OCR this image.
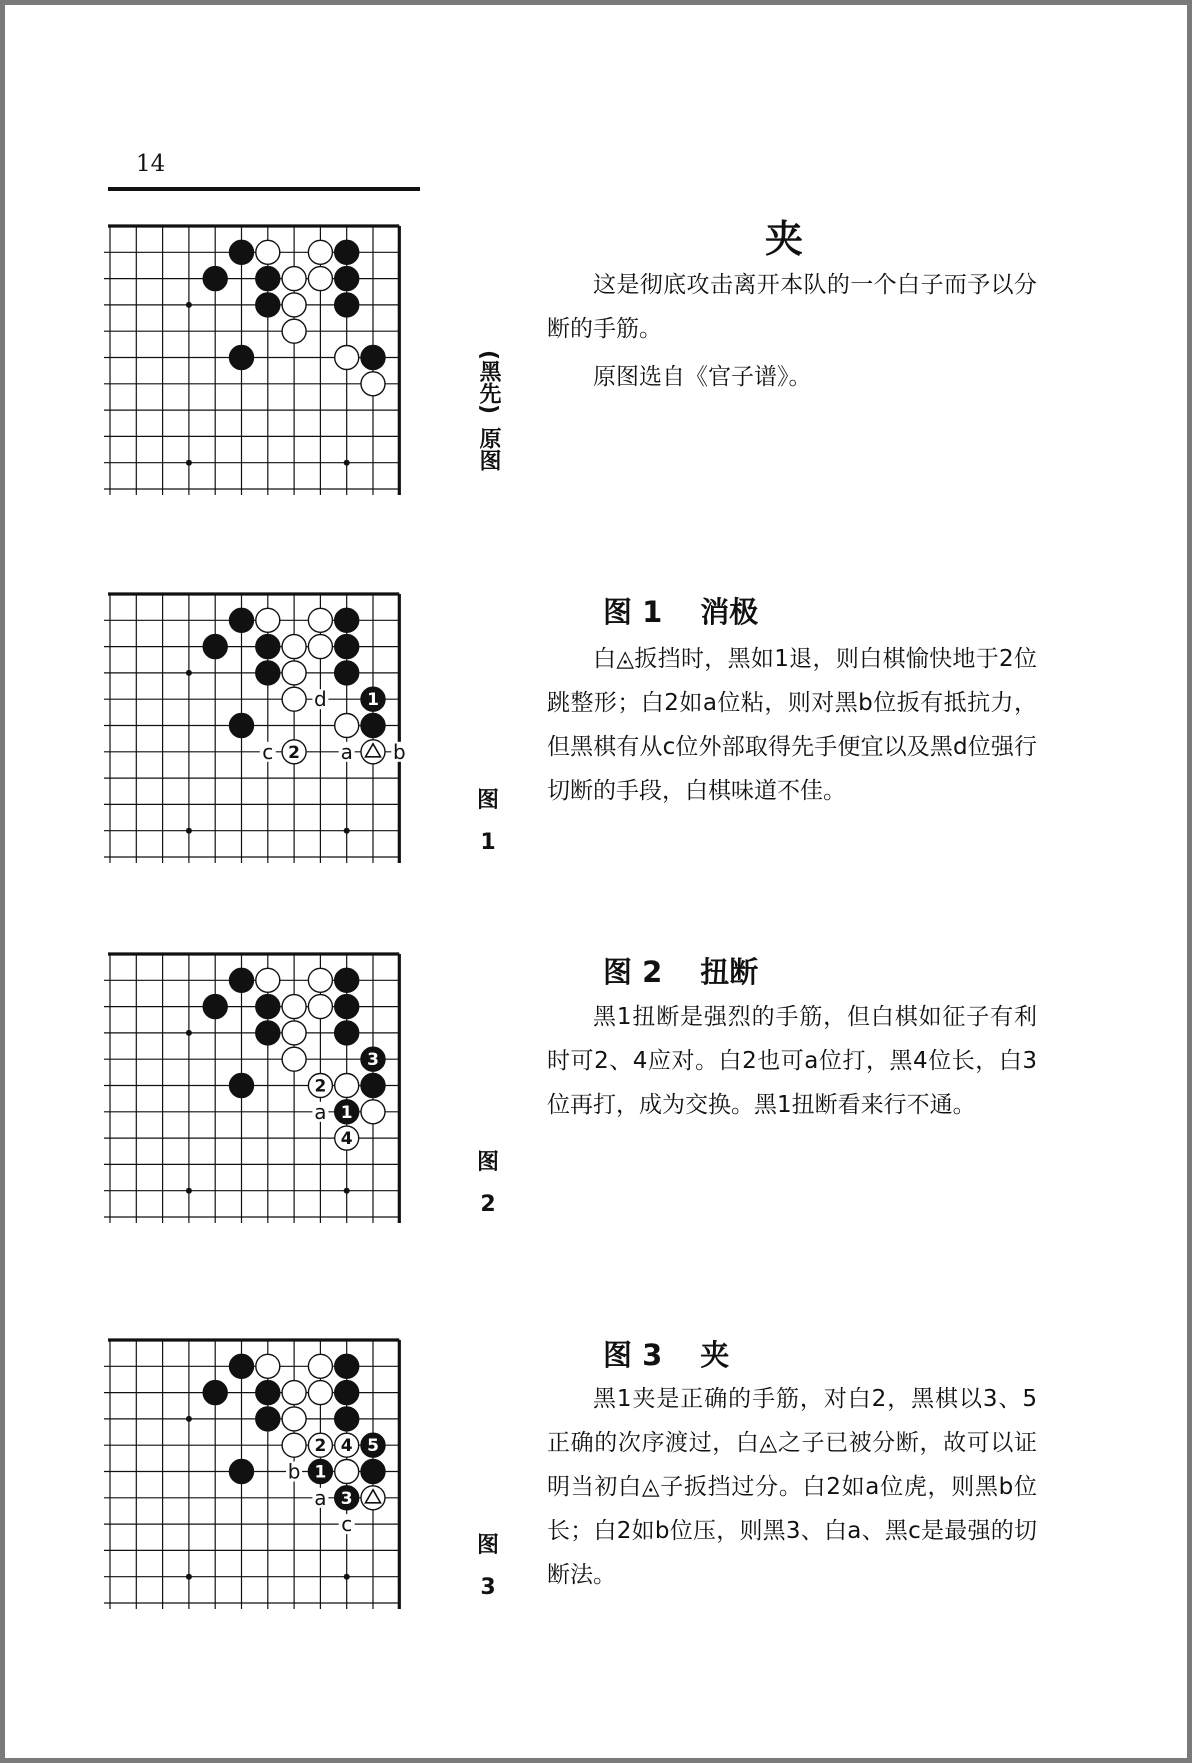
14
1
2
d
c	a b
3
2
1
4
a
2 4 5
1
3
b
a
c
(黑先) 原图
图
1
图
2
图
3
夹

这是彻底攻击离开本队的一个白子而予以分断的手筋。

原图选自《官子谱》。

图 1 消极

白◬扳挡时，黑如1退，则白棋愉快地于2位跳整形；白2如a位粘，则对黑b位扳有抵抗力，但黑棋有从c位外部取得先手便宜以及黑d位强行切断的手段，白棋味道不佳。

图 2 扭断

黑1扭断是强烈的手筋，但白棋如征子有利时可2、4应对。白2也可a位打，黑4位长，白3位再打，成为交换。黑1扭断看来行不通。

图 3 夹

黑1夹是正确的手筋，对白2，黑棋以3、5正确的次序渡过，白◬之子已被分断，故可以证明当初白◬子扳挡过分。白2如a位虎，则黑b位长；白2如b位压，则黑3、白a、黑c是最强的切断法。
